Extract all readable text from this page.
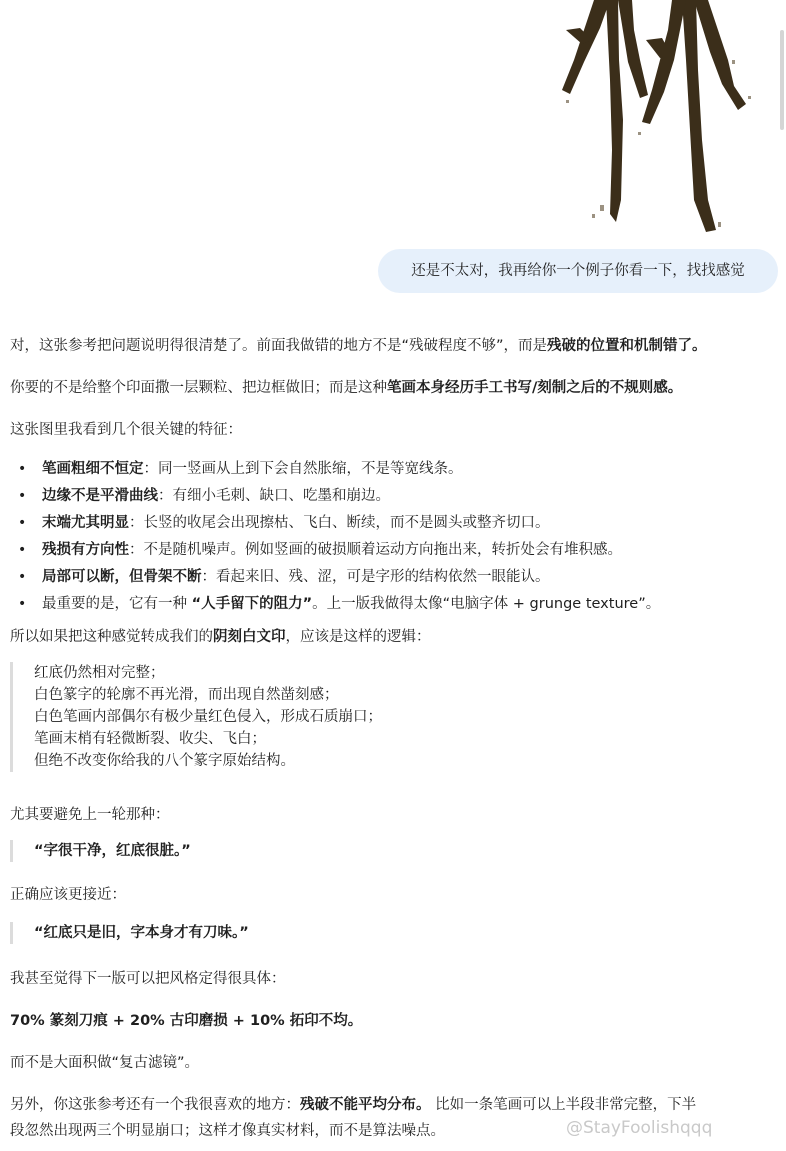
还是不太对，我再给你一个例子你看一下，找找感觉
对，这张参考把问题说明得很清楚了。前面我做错的地方不是“残破程度不够”，而是残破的位置和机制错了。
你要的不是给整个印面撒一层颗粒、把边框做旧；而是这种笔画本身经历手工书写/刻制之后的不规则感。
这张图里我看到几个很关键的特征：
• 笔画粗细不恒定：同一竖画从上到下会自然胀缩，不是等宽线条。
• 边缘不是平滑曲线：有细小毛刺、缺口、吃墨和崩边。
• 末端尤其明显：长竖的收尾会出现擦枯、飞白、断续，而不是圆头或整齐切口。
• 残损有方向性：不是随机噪声。例如竖画的破损顺着运动方向拖出来，转折处会有堆积感。
• 局部可以断，但骨架不断：看起来旧、残、涩，可是字形的结构依然一眼能认。
• 最重要的是，它有一种 “人手留下的阻力”。上一版我做得太像“电脑字体 + grunge texture”。
所以如果把这种感觉转成我们的阴刻白文印，应该是这样的逻辑：
红底仍然相对完整；
白色篆字的轮廓不再光滑，而出现自然凿刻感；
白色笔画内部偶尔有极少量红色侵入，形成石质崩口；
笔画末梢有轻微断裂、收尖、飞白；
但绝不改变你给我的八个篆字原始结构。
尤其要避免上一轮那种：
“字很干净，红底很脏。”
正确应该更接近：
“红底只是旧，字本身才有刀味。”
我甚至觉得下一版可以把风格定得很具体：
70% 篆刻刀痕 + 20% 古印磨损 + 10% 拓印不均。
而不是大面积做“复古滤镜”。
另外，你这张参考还有一个我很喜欢的地方：残破不能平均分布。 比如一条笔画可以上半段非常完整，下半
段忽然出现两三个明显崩口；这样才像真实材料，而不是算法噪点。	@StayFoolishqqq
